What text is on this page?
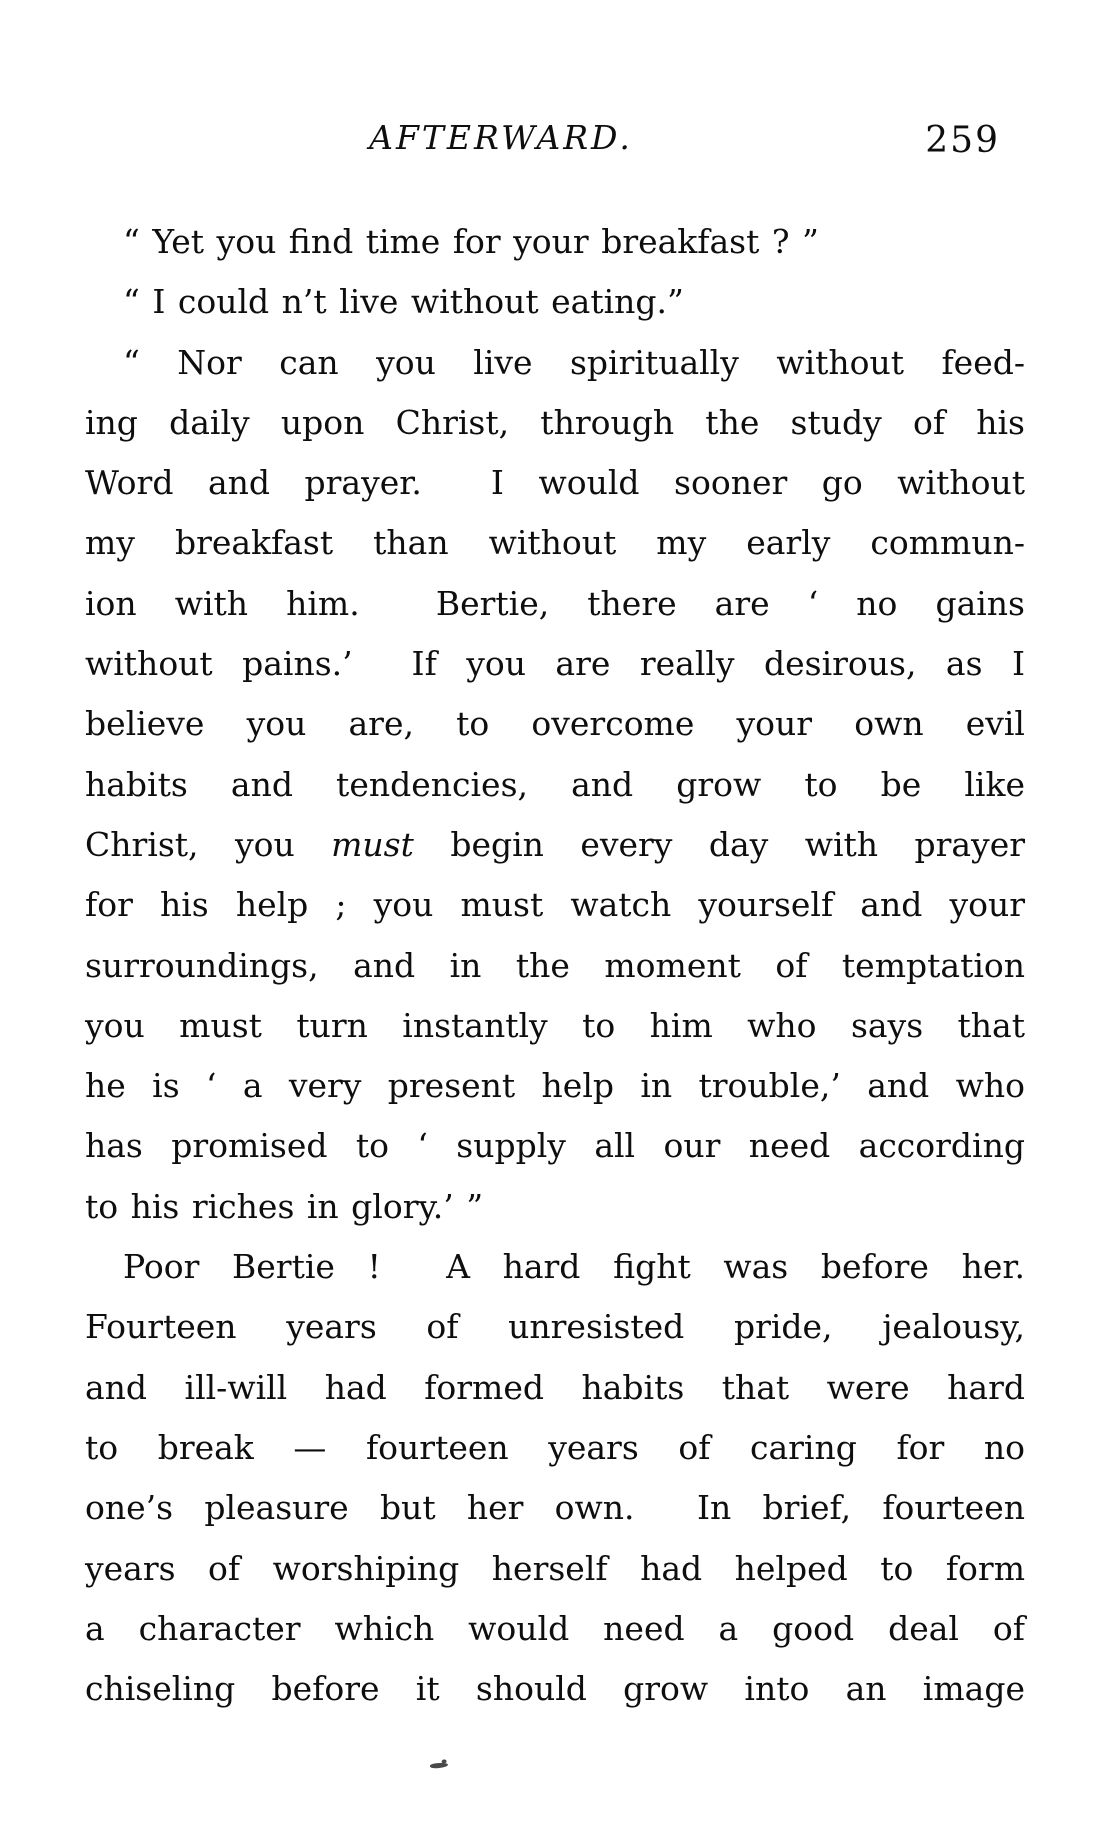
AFTERWARD.	259
“ Yet you find time for your breakfast ? ”
“ I could n’t live without eating.”
“ Nor can you live spiritually without feed-
ing daily upon Christ, through the study of his
Word and prayer.  I would sooner go without
my breakfast than without my early commun-
ion with him.  Bertie, there are ‘ no gains
without pains.’  If you are really desirous, as I
believe you are, to overcome your own evil
habits and tendencies, and grow to be like
Christ, you must begin every day with prayer
for his help ; you must watch yourself and your
surroundings, and in the moment of temptation
you must turn instantly to him who says that
he is ‘ a very present help in trouble,’ and who
has promised to ‘ supply all our need according
to his riches in glory.’ ”
Poor Bertie !  A hard fight was before her.
Fourteen years of unresisted pride, jealousy,
and ill-will had formed habits that were hard
to break — fourteen years of caring for no
one’s pleasure but her own.  In brief, fourteen
years of worshiping herself had helped to form
a character which would need a good deal of
chiseling before it should grow into an image
